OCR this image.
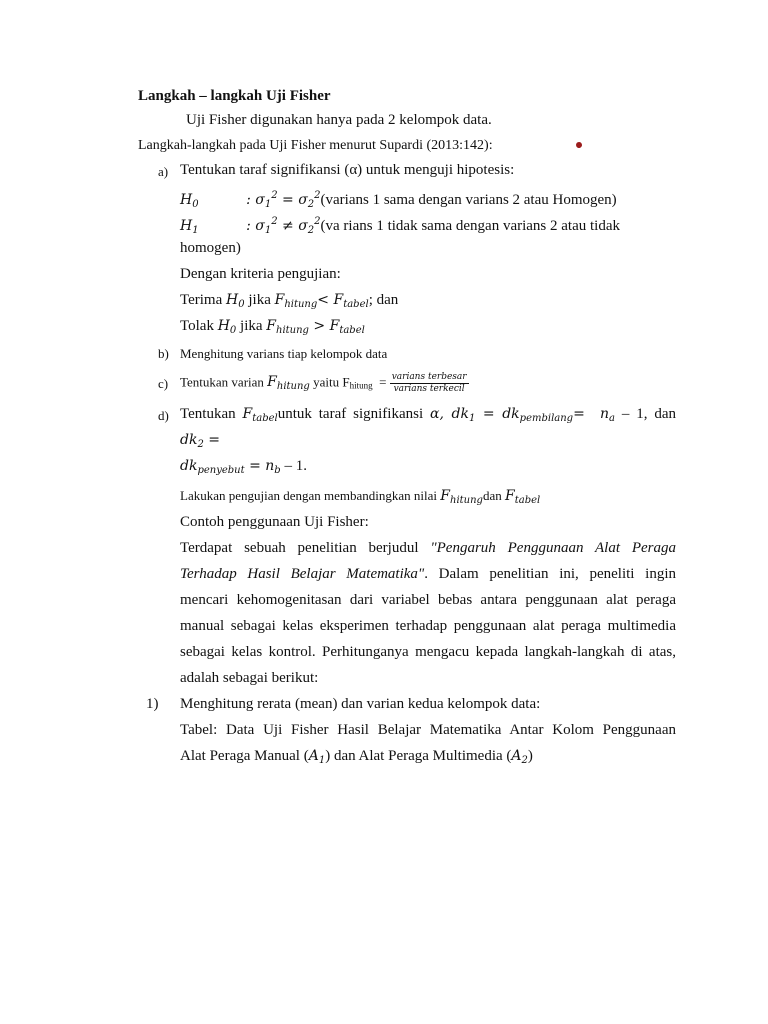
Langkah – langkah Uji Fisher
Uji Fisher digunakan hanya pada 2 kelompok data.
Langkah-langkah pada Uji Fisher menurut Supardi (2013:142):
a) Tentukan taraf signifikansi (α) untuk menguji hipotesis:
$H_0$	: $\sigma_1^2$ = $\sigma_2^2(varians$ 1 sama dengan varians 2 atau Homogen)
$H_1$	: $\sigma_1^2 \ne \sigma_2^2(va$ rians 1 tidak sama dengan varians 2 atau tidak
homogen)
Dengan kriteria pengujian:
Terima $H_0$ jika $F_{hitung}< F_{tabel}$; dan
Tolak $H_0$ jika $F_{hitung} > F_{tabel}$
b) Menghitung varians tiap kelompok data
c) Tentukan varian $F_{hitung}$ yaitu Fhitung  = $\frac{\text{varians terbesar}}{\text{varians terkecil}}$
d) Tentukan $F_{tabel}untuk$ taraf signifikansi α, $dk_1 = dk_{pembilang}= n_a - 1$, dan
$dk_2$ =
$dk_{penyebut} = n_b - 1$.
Lakukan pengujian dengan membandingkan nilai $F_{hitung}dan$ $F_{tabel}$
Contoh penggunaan Uji Fisher:
Terdapat sebuah penelitian berjudul "Pengaruh Penggunaan Alat Peraga
Terhadap Hasil Belajar Matematika". Dalam penelitian ini, peneliti ingin
mencari kehomogenitasan dari variabel bebas antara penggunaan alat peraga
manual sebagai kelas eksperimen terhadap penggunaan alat peraga multimedia
sebagai kelas kontrol. Perhitunganya mengacu kepada langkah-langkah di atas,
adalah sebagai berikut:
1) Menghitung rerata (mean) dan varian kedua kelompok data:
Tabel: Data Uji Fisher Hasil Belajar Matematika Antar Kolom Penggunaan
Alat Peraga Manual $(A_1)$ dan Alat Peraga Multimedia $(A_2)$
